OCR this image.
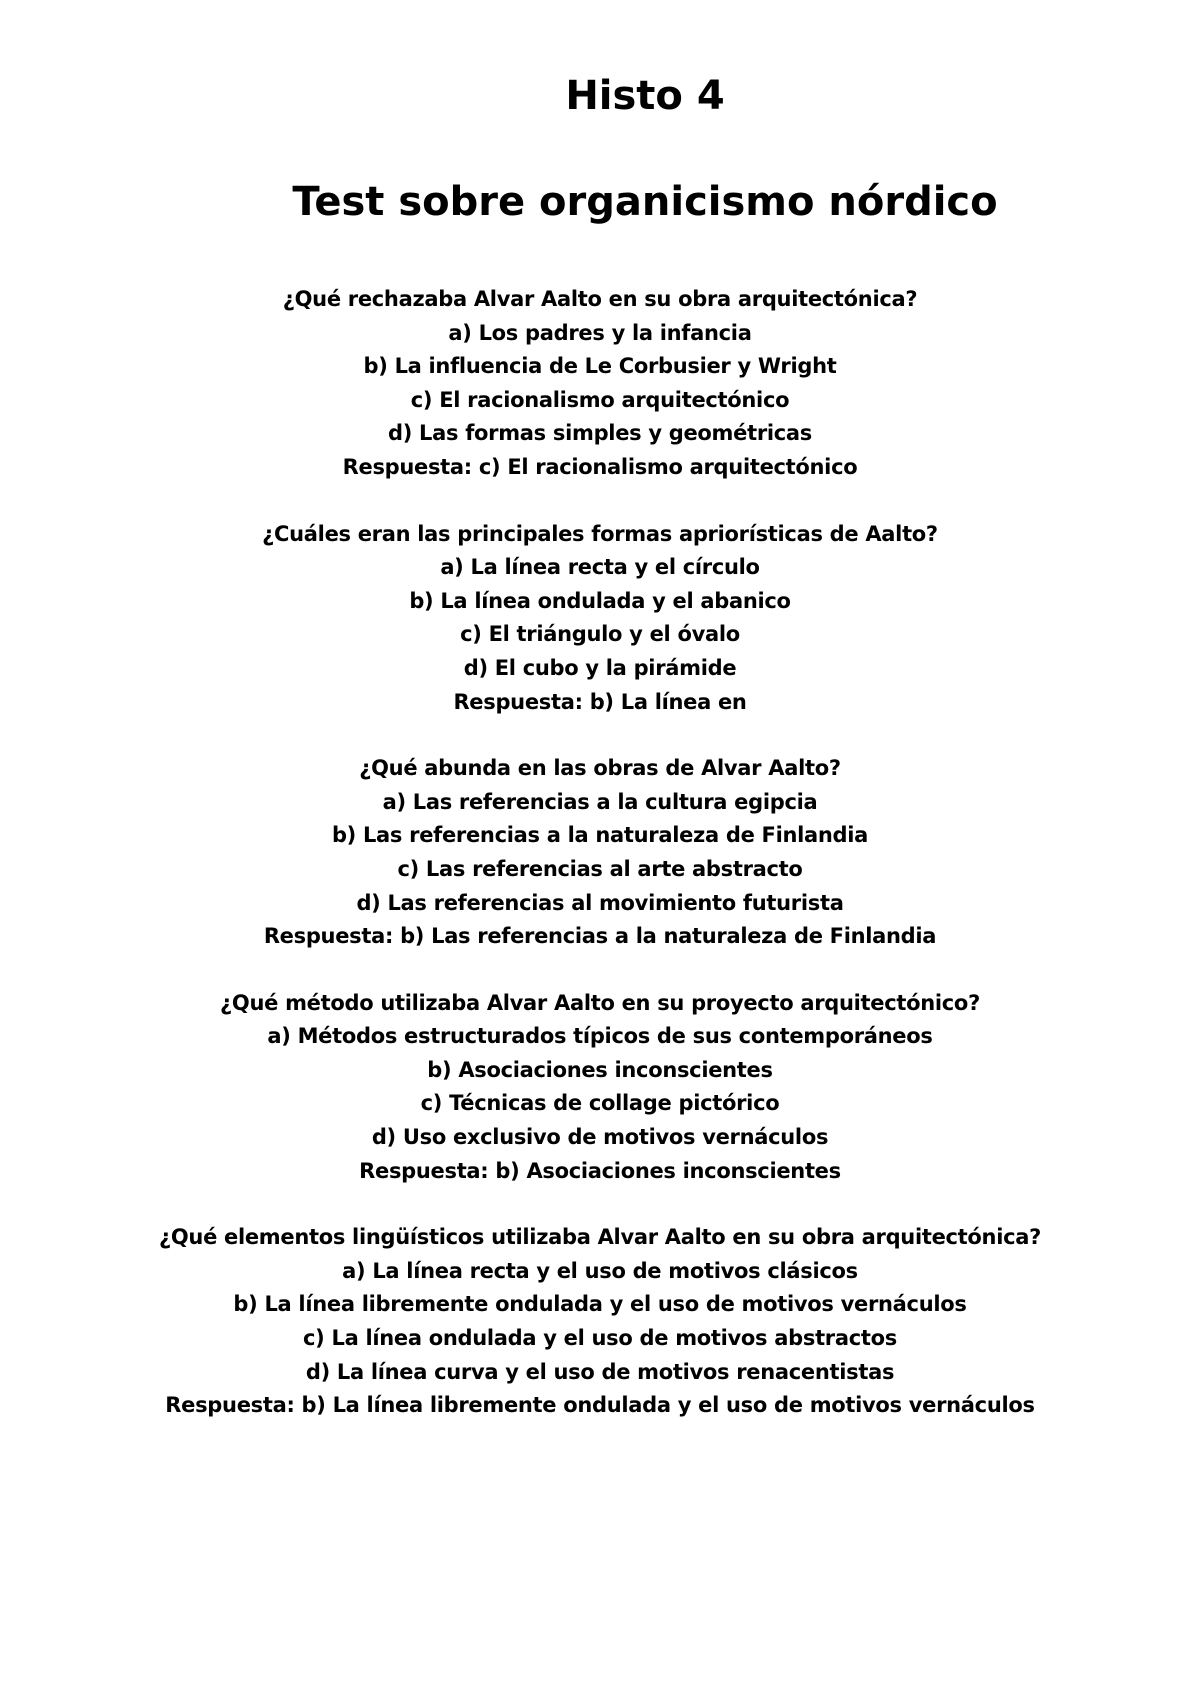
Histo 4
Test sobre organicismo nórdico
¿Qué rechazaba Alvar Aalto en su obra arquitectónica?
a) Los padres y la infancia
b) La influencia de Le Corbusier y Wright
c) El racionalismo arquitectónico
d) Las formas simples y geométricas
Respuesta: c) El racionalismo arquitectónico
¿Cuáles eran las principales formas apriorísticas de Aalto?
a) La línea recta y el círculo
b) La línea ondulada y el abanico
c) El triángulo y el óvalo
d) El cubo y la pirámide
Respuesta: b) La línea en
¿Qué abunda en las obras de Alvar Aalto?
a) Las referencias a la cultura egipcia
b) Las referencias a la naturaleza de Finlandia
c) Las referencias al arte abstracto
d) Las referencias al movimiento futurista
Respuesta: b) Las referencias a la naturaleza de Finlandia
¿Qué método utilizaba Alvar Aalto en su proyecto arquitectónico?
a) Métodos estructurados típicos de sus contemporáneos
b) Asociaciones inconscientes
c) Técnicas de collage pictórico
d) Uso exclusivo de motivos vernáculos
Respuesta: b) Asociaciones inconscientes
¿Qué elementos lingüísticos utilizaba Alvar Aalto en su obra arquitectónica?
a) La línea recta y el uso de motivos clásicos
b) La línea libremente ondulada y el uso de motivos vernáculos
c) La línea ondulada y el uso de motivos abstractos
d) La línea curva y el uso de motivos renacentistas
Respuesta: b) La línea libremente ondulada y el uso de motivos vernáculos
